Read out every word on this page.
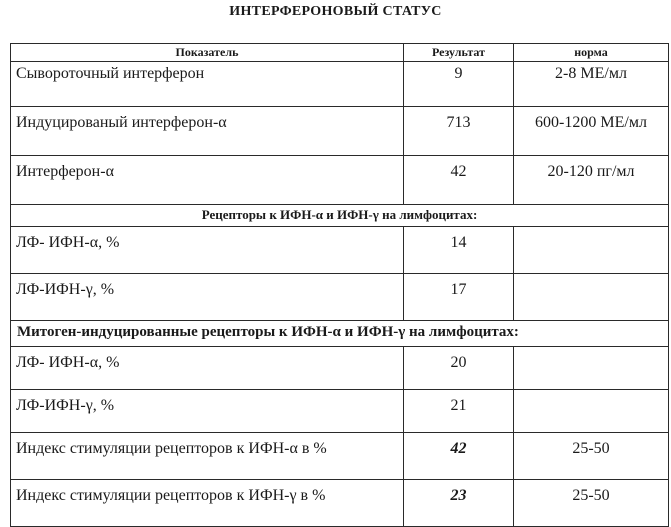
ИНТЕРФЕРОНОВЫЙ СТАТУС
Показатель	Результат	норма
Сывороточный интерферон	9	2-8 МЕ/мл
Индуцированый интерферон-α	713	600-1200 МЕ/мл
Интерферон-α	42	20-120 пг/мл
Рецепторы к ИФН-α и ИФН-γ на лимфоцитах:		
ЛФ- ИФН-α, %	14	
ЛФ-ИФН-γ, %	17	
Митоген-индуцированные рецепторы к ИФН-α и ИФН-γ на лимфоцитах:		
ЛФ- ИФН-α, %	20	
ЛФ-ИФН-γ, %	21	
Индекс стимуляции рецепторов к ИФН-α в %	42	25-50
Индекс стимуляции рецепторов к ИФН-γ в %	23	25-50
